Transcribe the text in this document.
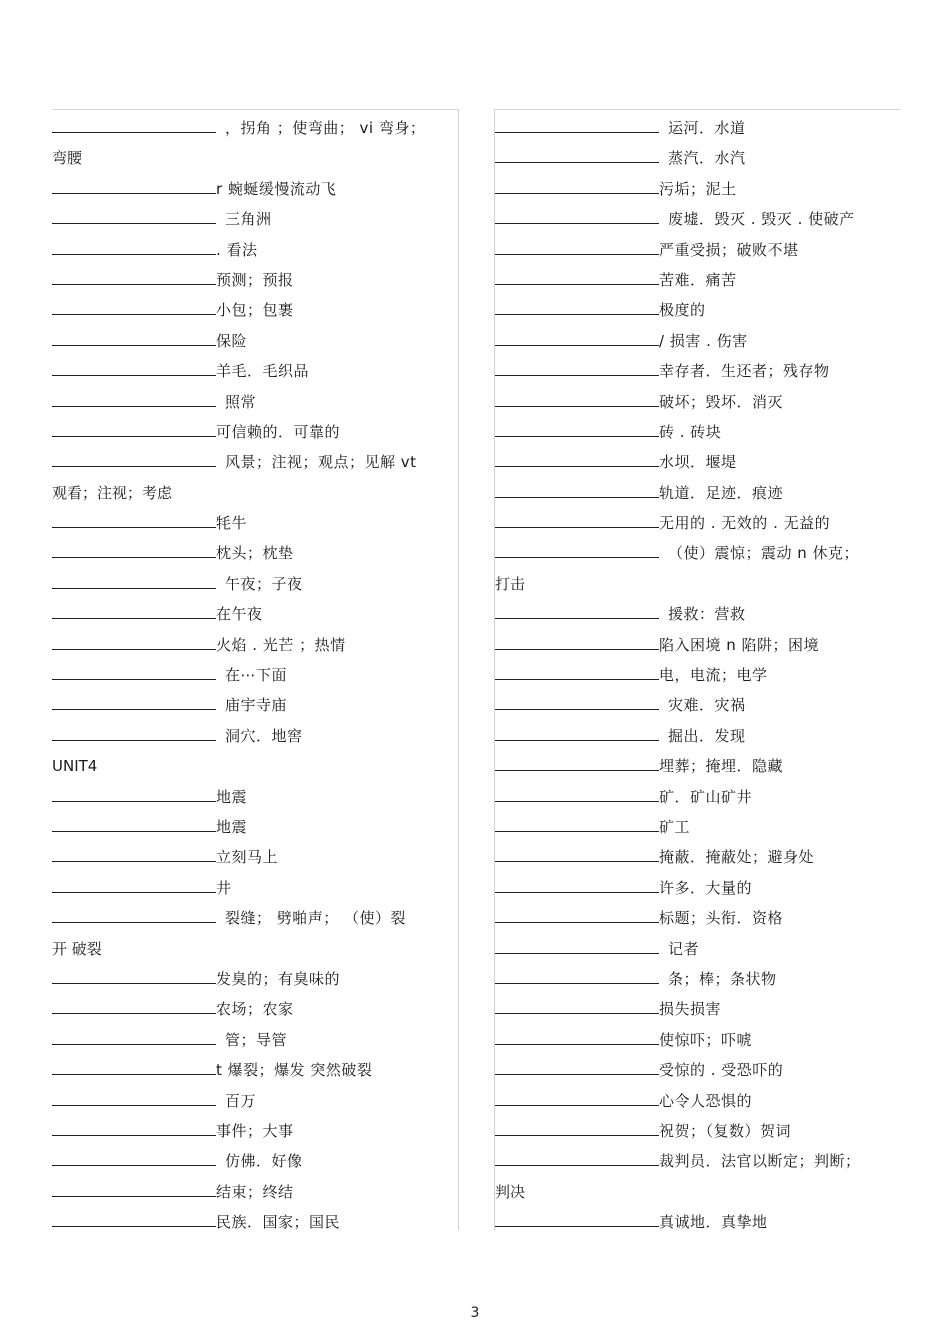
，拐角 ；使弯曲； vi 弯身；
弯腰
r 蜿蜒缓慢流动飞
三角洲
. 看法
预测；预报
小包；包裹
保险
羊毛．毛织品
照常
可信赖的．可靠的
风景；注视；观点；见解 vt
观看；注视；考虑
牦牛
枕头；枕垫
午夜；子夜
在午夜
火焰 . 光芒 ；热情
在⋯下面
庙宇寺庙
洞穴．地窖
UNIT4
地震
地震
立刻马上
井
裂缝； 劈啪声； （使）裂
开 破裂
发臭的；有臭味的
农场；农家
管；导管
t 爆裂；爆发 突然破裂
百万
事件；大事
仿佛．好像
结束；终结
民族．国家；国民
运河．水道
蒸汽．水汽
污垢；泥土
废墟．毁灭 . 毁灭 . 使破产
严重受损；破败不堪
苦难．痛苦
极度的
/ 损害 . 伤害
幸存者．生还者；残存物
破坏；毁坏．消灭
砖 . 砖块
水坝．堰堤
轨道．足迹．痕迹
无用的 . 无效的 . 无益的
（使）震惊；震动 n 休克；
打击
援救：营救
陷入困境 n 陷阱；困境
电，电流；电学
灾难．灾祸
掘出．发现
埋葬；掩埋．隐藏
矿．矿山矿井
矿工
掩蔽．掩蔽处；避身处
许多．大量的
标题；头衔．资格
记者
条；棒；条状物
损失损害
使惊吓；吓唬
受惊的 . 受恐吓的
心令人恐惧的
祝贺；（复数）贺词
裁判员．法官以断定；判断；
判决
真诚地．真挚地
3
